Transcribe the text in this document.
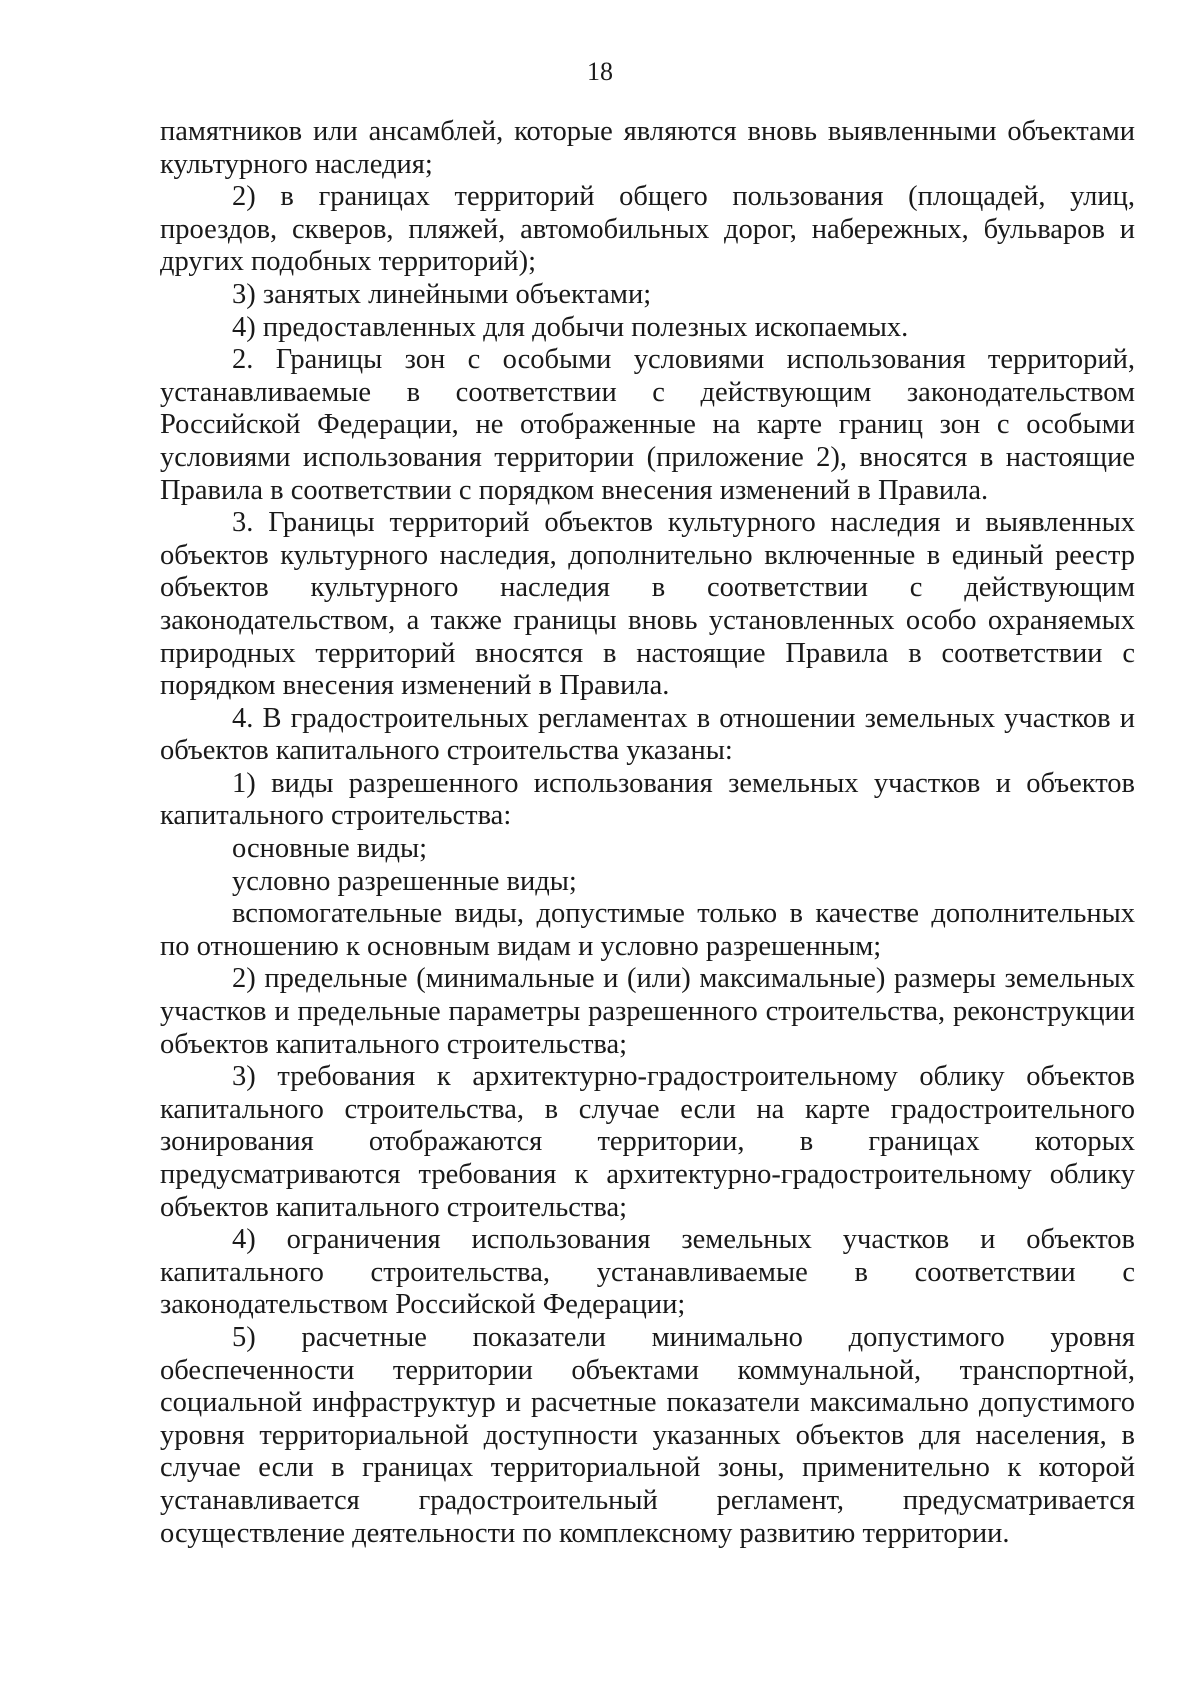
18

памятников или ансамблей, которые являются вновь выявленными объектами культурного наследия;

2) в границах территорий общего пользования (площадей, улиц, проездов, скверов, пляжей, автомобильных дорог, набережных, бульваров и других подобных территорий);

3) занятых линейными объектами;

4) предоставленных для добычи полезных ископаемых.

2. Границы зон с особыми условиями использования территорий, устанавливаемые в соответствии с действующим законодательством Российской Федерации, не отображенные на карте границ зон с особыми условиями использования территории (приложение 2), вносятся в настоящие Правила в соответствии с порядком внесения изменений в Правила.

3. Границы территорий объектов культурного наследия и выявленных объектов культурного наследия, дополнительно включенные в единый реестр объектов культурного наследия в соответствии с действующим законодательством, а также границы вновь установленных особо охраняемых природных территорий вносятся в настоящие Правила в соответствии с порядком внесения изменений в Правила.

4. В градостроительных регламентах в отношении земельных участков и объектов капитального строительства указаны:

1) виды разрешенного использования земельных участков и объектов капитального строительства:

основные виды;

условно разрешенные виды;

вспомогательные виды, допустимые только в качестве дополнительных по отношению к основным видам и условно разрешенным;

2) предельные (минимальные и (или) максимальные) размеры земельных участков и предельные параметры разрешенного строительства, реконструкции объектов капитального строительства;

3) требования к архитектурно-градостроительному облику объектов капитального строительства, в случае если на карте градостроительного зонирования отображаются территории, в границах которых предусматриваются требования к архитектурно-градостроительному облику объектов капитального строительства;

4) ограничения использования земельных участков и объектов капитального строительства, устанавливаемые в соответствии с законодательством Российской Федерации;

5) расчетные показатели минимально допустимого уровня обеспеченности территории объектами коммунальной, транспортной, социальной инфраструктур и расчетные показатели максимально допустимого уровня территориальной доступности указанных объектов для населения, в случае если в границах территориальной зоны, применительно к которой устанавливается градостроительный регламент, предусматривается осуществление деятельности по комплексному развитию территории.
